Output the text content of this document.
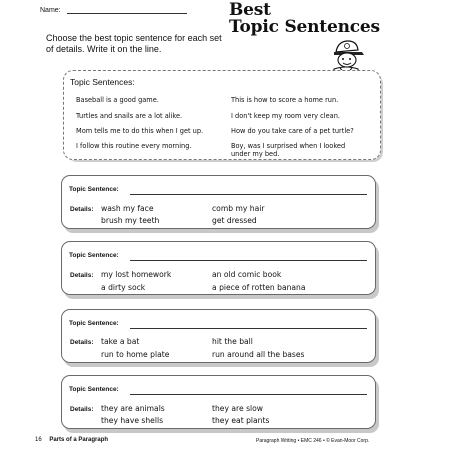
Name:	Best
Topic Sentences
Choose the best topic sentence for each set of details. Write it on the line.
Topic Sentences:
Baseball is a good game.
Turtles and snails are a lot alike.
Mom tells me to do this when I get up.
I follow this routine every morning.
This is how to score a home run.
I don't keep my room very clean.
How do you take care of a pet turtle?
Boy, was I surprised when I looked
under my bed.
Topic Sentence:
Details: wash my face	comb my hair
brush my teeth	get dressed
Topic Sentence:
Details: my lost homework	an old comic book
a dirty sock	a piece of rotten banana
Topic Sentence:
Details: take a bat	hit the ball
run to home plate	run around all the bases
Topic Sentence:
Details: they are animals	they are slow
they have shells	they eat plants
16 Parts of a Paragraph	Paragraph Writing • EMC 246 • © Evan-Moor Corp.
